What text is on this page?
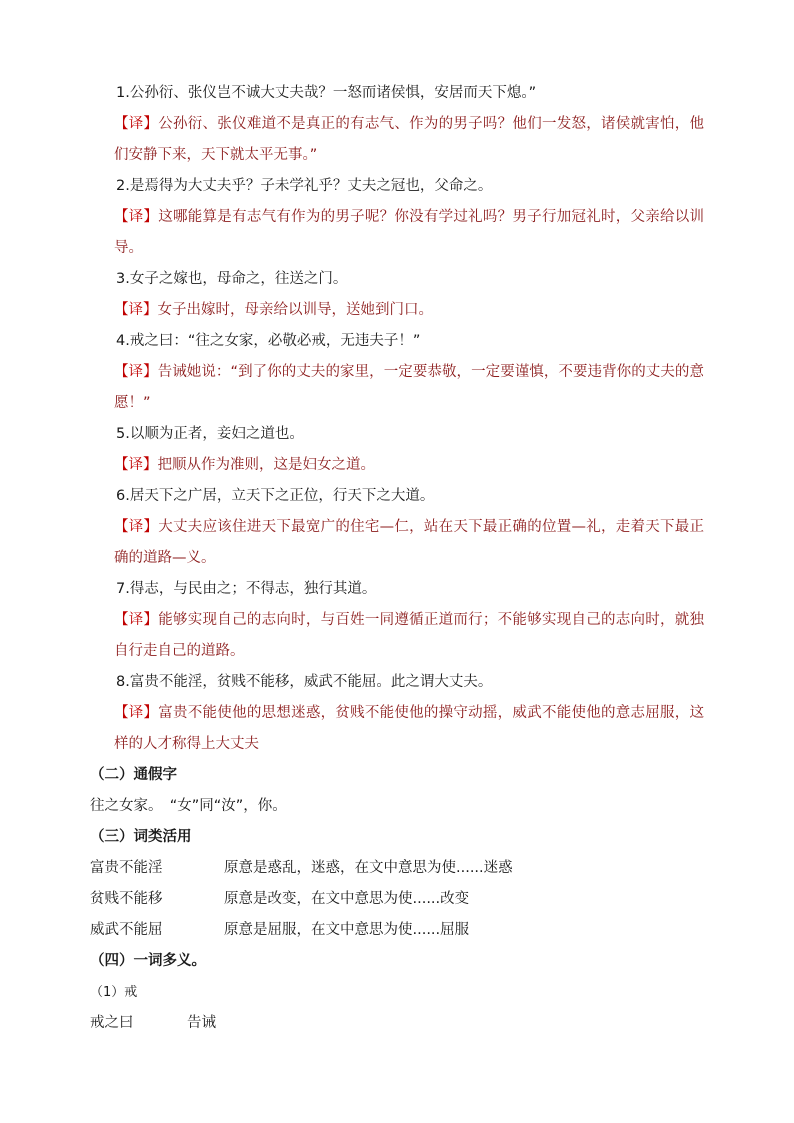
1.公孙衍、张仪岂不诚大丈夫哉？一怒而诸侯惧，安居而天下熄。”
【译】公孙衍、张仪难道不是真正的有志气、作为的男子吗？他们一发怒，诸侯就害怕，他们安静下来，天下就太平无事。”
2.是焉得为大丈夫乎？子未学礼乎？丈夫之冠也，父命之。
【译】这哪能算是有志气有作为的男子呢？你没有学过礼吗？男子行加冠礼时，父亲给以训导。
3.女子之嫁也，母命之，往送之门。
【译】女子出嫁时，母亲给以训导，送她到门口。
4.戒之曰：“往之女家，必敬必戒，无违夫子！”
【译】告诫她说：“到了你的丈夫的家里，一定要恭敬，一定要谨慎，不要违背你的丈夫的意愿！”
5.以顺为正者，妾妇之道也。
【译】把顺从作为准则，这是妇女之道。
6.居天下之广居，立天下之正位，行天下之大道。
【译】大丈夫应该住进天下最宽广的住宅—仁，站在天下最正确的位置—礼，走着天下最正确的道路—义。
7.得志，与民由之；不得志，独行其道。
【译】能够实现自己的志向时，与百姓一同遵循正道而行；不能够实现自己的志向时，就独自行走自己的道路。
8.富贵不能淫，贫贱不能移，威武不能屈。此之谓大丈夫。
【译】富贵不能使他的思想迷惑，贫贱不能使他的操守动摇，威武不能使他的意志屈服，这样的人才称得上大丈夫
（二）通假字
往之女家。　“女”同“汝”，你。
（三）词类活用
富贵不能淫	原意是惑乱，迷惑，在文中意思为使......迷惑
贫贱不能移	原意是改变，在文中意思为使......改变
威武不能屈	原意是屈服，在文中意思为使......屈服
（四）一词多义。
（1）戒
戒之曰	告诫
